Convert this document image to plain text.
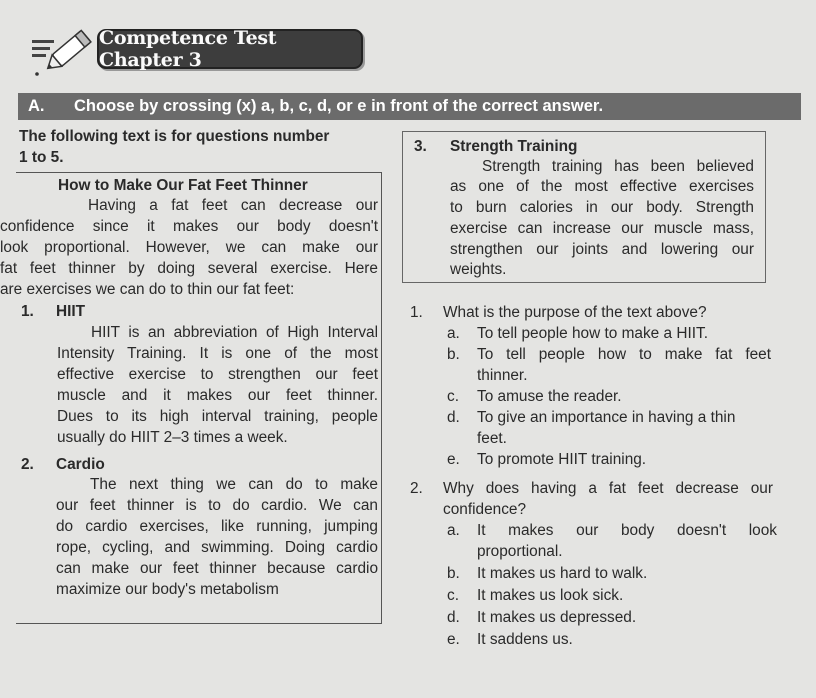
Competence Test Chapter 3
A.	Choose by crossing (x) a, b, c, d, or e in front of the correct answer.
The following text is for questions number
1 to 5.
How to Make Our Fat Feet Thinner
Having a fat feet can decrease our
confidence since it makes our body doesn't
look proportional. However, we can make our
fat feet thinner by doing several exercise. Here
are exercises we can do to thin our fat feet:
1. HIIT
HIIT is an abbreviation of High Interval
Intensity Training. It is one of the most
effective exercise to strengthen our feet
muscle and it makes our feet thinner.
Dues to its high interval training, people
usually do HIIT 2–3 times a week.
2. Cardio
The next thing we can do to make
our feet thinner is to do cardio. We can
do cardio exercises, like running, jumping
rope, cycling, and swimming. Doing cardio
can make our feet thinner because cardio
maximize our body's metabolism
3. Strength Training
Strength training has been believed
as one of the most effective exercises
to burn calories in our body. Strength
exercise can increase our muscle mass,
strengthen our joints and lowering our
weights.
1. What is the purpose of the text above?
a. To tell people how to make a HIIT.
b. To tell people how to make fat feet
thinner.
c. To amuse the reader.
d. To give an importance in having a thin
feet.
e. To promote HIIT training.
2. Why does having a fat feet decrease our
confidence?
a. It makes our body doesn't look
proportional.
b. It makes us hard to walk.
c. It makes us look sick.
d. It makes us depressed.
e. It saddens us.
